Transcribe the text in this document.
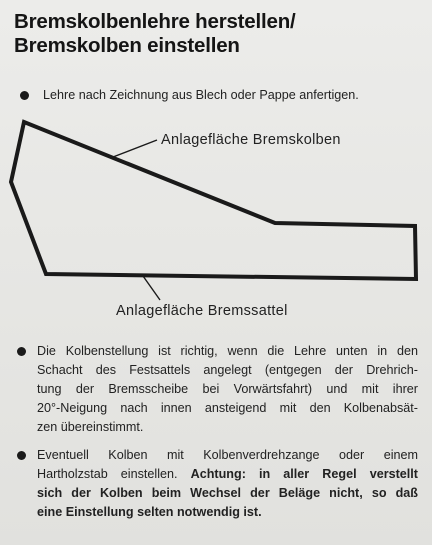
Bremskolbenlehre herstellen/
Bremskolben einstellen
Lehre nach Zeichnung aus Blech oder Pappe anfertigen.
Anlagefläche Bremskolben
Anlagefläche Bremssattel
Die Kolbenstellung ist richtig, wenn die Lehre unten in den
Schacht des Festsattels angelegt (entgegen der Drehrich-
tung der Bremsscheibe bei Vorwärtsfahrt) und mit ihrer
20°-Neigung nach innen ansteigend mit den Kolbenabsät-
zen übereinstimmt.
Eventuell Kolben mit Kolbenverdrehzange oder einem
Hartholzstab einstellen. Achtung: in aller Regel verstellt
sich der Kolben beim Wechsel der Beläge nicht, so daß
eine Einstellung selten notwendig ist.
